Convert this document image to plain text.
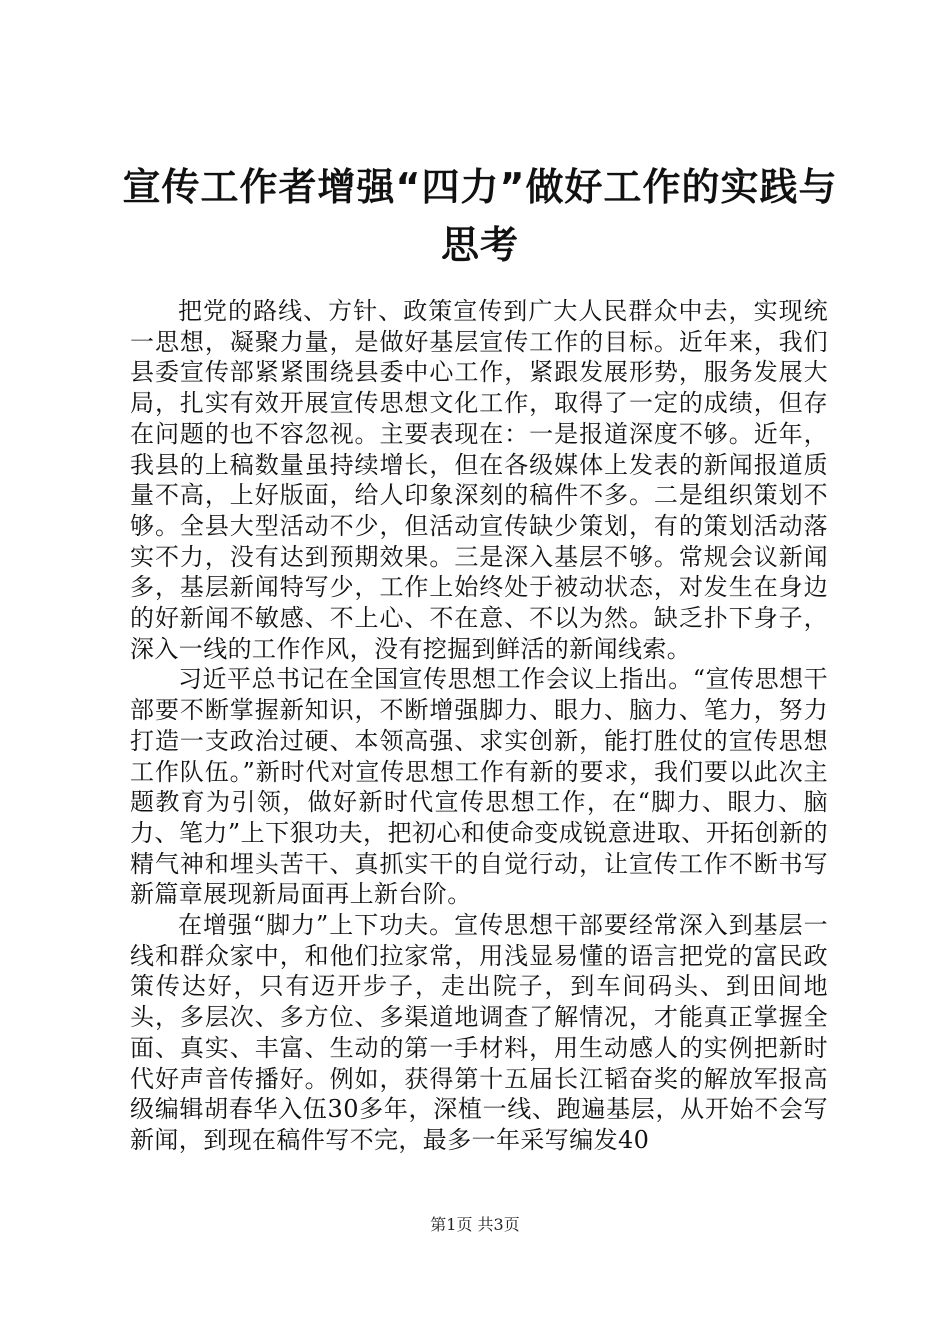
宣传工作者增强“四力”做好工作的实践与思考

把党的路线、方针、政策宣传到广大人民群众中去，实现统一思想，凝聚力量，是做好基层宣传工作的目标。近年来，我们县委宣传部紧紧围绕县委中心工作，紧跟发展形势，服务发展大局，扎实有效开展宣传思想文化工作，取得了一定的成绩，但存在问题的也不容忽视。主要表现在：一是报道深度不够。近年，我县的上稿数量虽持续增长，但在各级媒体上发表的新闻报道质量不高，上好版面，给人印象深刻的稿件不多。二是组织策划不够。全县大型活动不少，但活动宣传缺少策划，有的策划活动落实不力，没有达到预期效果。三是深入基层不够。常规会议新闻多，基层新闻特写少，工作上始终处于被动状态，对发生在身边的好新闻不敏感、不上心、不在意、不以为然。缺乏扑下身子，深入一线的工作作风，没有挖掘到鲜活的新闻线索。

习近平总书记在全国宣传思想工作会议上指出。“宣传思想干部要不断掌握新知识，不断增强脚力、眼力、脑力、笔力，努力打造一支政治过硬、本领高强、求实创新，能打胜仗的宣传思想工作队伍。”新时代对宣传思想工作有新的要求，我们要以此次主题教育为引领，做好新时代宣传思想工作，在“脚力、眼力、脑力、笔力”上下狠功夫，把初心和使命变成锐意进取、开拓创新的精气神和埋头苦干、真抓实干的自觉行动，让宣传工作不断书写新篇章展现新局面再上新台阶。

在增强“脚力”上下功夫。宣传思想干部要经常深入到基层一线和群众家中，和他们拉家常，用浅显易懂的语言把党的富民政策传达好，只有迈开步子，走出院子，到车间码头、到田间地头，多层次、多方位、多渠道地调查了解情况，才能真正掌握全面、真实、丰富、生动的第一手材料，用生动感人的实例把新时代好声音传播好。例如，获得第十五届长江韬奋奖的解放军报高级编辑胡春华入伍30多年，深植一线、跑遍基层，从开始不会写新闻，到现在稿件写不完，最多一年采写编发40

第1页 共3页
